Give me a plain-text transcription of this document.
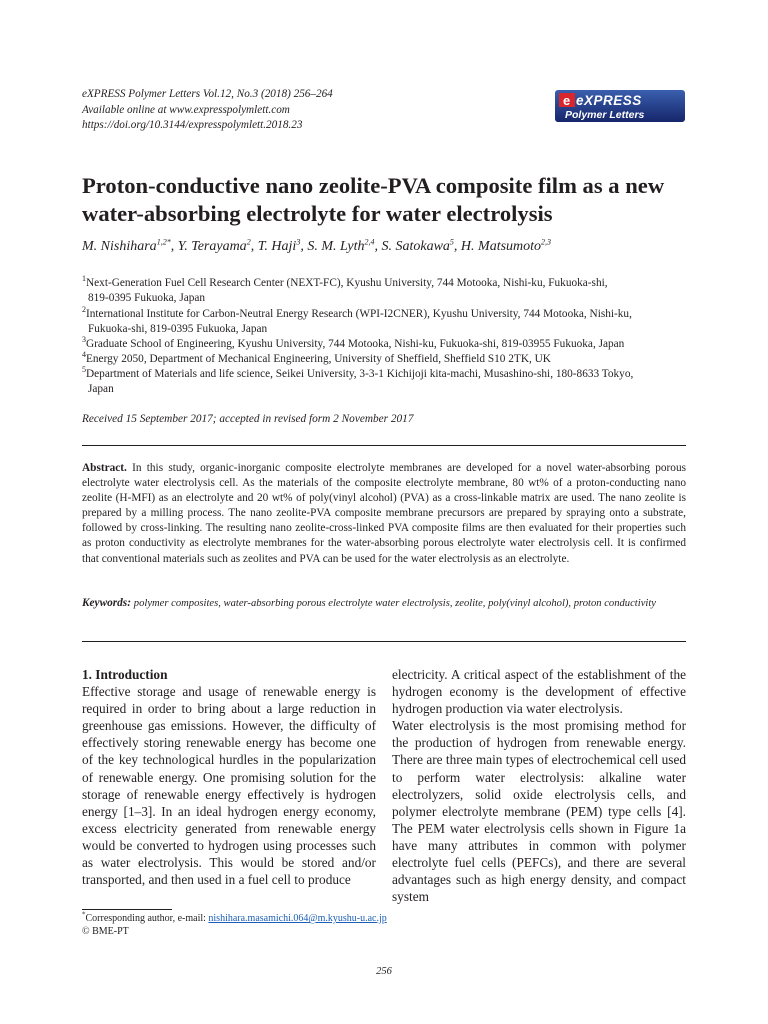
eXPRESS Polymer Letters Vol.12, No.3 (2018) 256–264
Available online at www.expresspolymlett.com
https://doi.org/10.3144/expresspolymlett.2018.23
e eXPRESS
Polymer Letters
Proton-conductive nano zeolite-PVA composite film as a new
water-absorbing electrolyte for water electrolysis
M. Nishihara$^{1,2*}$, Y. Terayama$^2$, T. Haji$^3$, S. M. Lyth$^{2,4}$, S. Satokawa$^5$, H. Matsumoto$^{2,3}$
$^1$Next-Generation Fuel Cell Research Center (NEXT-FC), Kyushu University, 744 Motooka, Nishi-ku, Fukuoka-shi,
819-0395 Fukuoka, Japan
$^2$International Institute for Carbon-Neutral Energy Research (WPI-I2CNER), Kyushu University, 744 Motooka, Nishi-ku,
Fukuoka-shi, 819-0395 Fukuoka, Japan
$^3$Graduate School of Engineering, Kyushu University, 744 Motooka, Nishi-ku, Fukuoka-shi, 819-03955 Fukuoka, Japan
$^4$Energy 2050, Department of Mechanical Engineering, University of Sheffield, Sheffield S10 2TK, UK
$^5$Department of Materials and life science, Seikei University, 3-3-1 Kichijoji kita-machi, Musashino-shi, 180-8633 Tokyo,
Japan
Received 15 September 2017; accepted in revised form 2 November 2017

Abstract. In this study, organic-inorganic composite electrolyte membranes are developed for a novel water-absorbing porous electrolyte water electrolysis cell. As the materials of the composite electrolyte membrane, 80 wt% of a proton-conducting nano zeolite (H-MFI) as an electrolyte and 20 wt% of poly(vinyl alcohol) (PVA) as a cross-linkable matrix are used. The nano zeolite is prepared by a milling process. The nano zeolite-PVA composite membrane precursors are prepared by spraying onto a substrate, followed by cross-linking. The resulting nano zeolite-cross-linked PVA composite films are then evaluated for their properties such as proton conductivity as electrolyte membranes for the water-absorbing porous electrolyte water electrolysis cell. It is confirmed that conventional materials such as zeolites and PVA can be used for the water electrolysis as an electrolyte.

Keywords: polymer composites, water-absorbing porous electrolyte water electrolysis, zeolite, poly(vinyl alcohol), proton conductivity
1. Introduction

Effective storage and usage of renewable energy is required in order to bring about a large reduction in greenhouse gas emissions. However, the difficulty of effectively storing renewable energy has become one of the key technological hurdles in the popularization of renewable energy. One promising solution for the storage of renewable energy effectively is hydrogen energy [1–3]. In an ideal hydrogen energy economy, excess electricity generated from renewable energy would be converted to hydrogen using processes such as water electrolysis. This would be stored and/or transported, and then used in a fuel cell to produce

electricity. A critical aspect of the establishment of the hydrogen economy is the development of effective hydrogen production via water electrolysis.

Water electrolysis is the most promising method for the production of hydrogen from renewable energy. There are three main types of electrochemical cell used to perform water electrolysis: alkaline water electrolyzers, solid oxide electrolysis cells, and polymer electrolyte membrane (PEM) type cells [4]. The PEM water electrolysis cells shown in Figure 1a have many attributes in common with polymer electrolyte fuel cells (PEFCs), and there are several advantages such as high energy density, and compact system

*Corresponding author, e-mail: nishihara.masamichi.064@m.kyushu-u.ac.jp
© BME-PT
256
